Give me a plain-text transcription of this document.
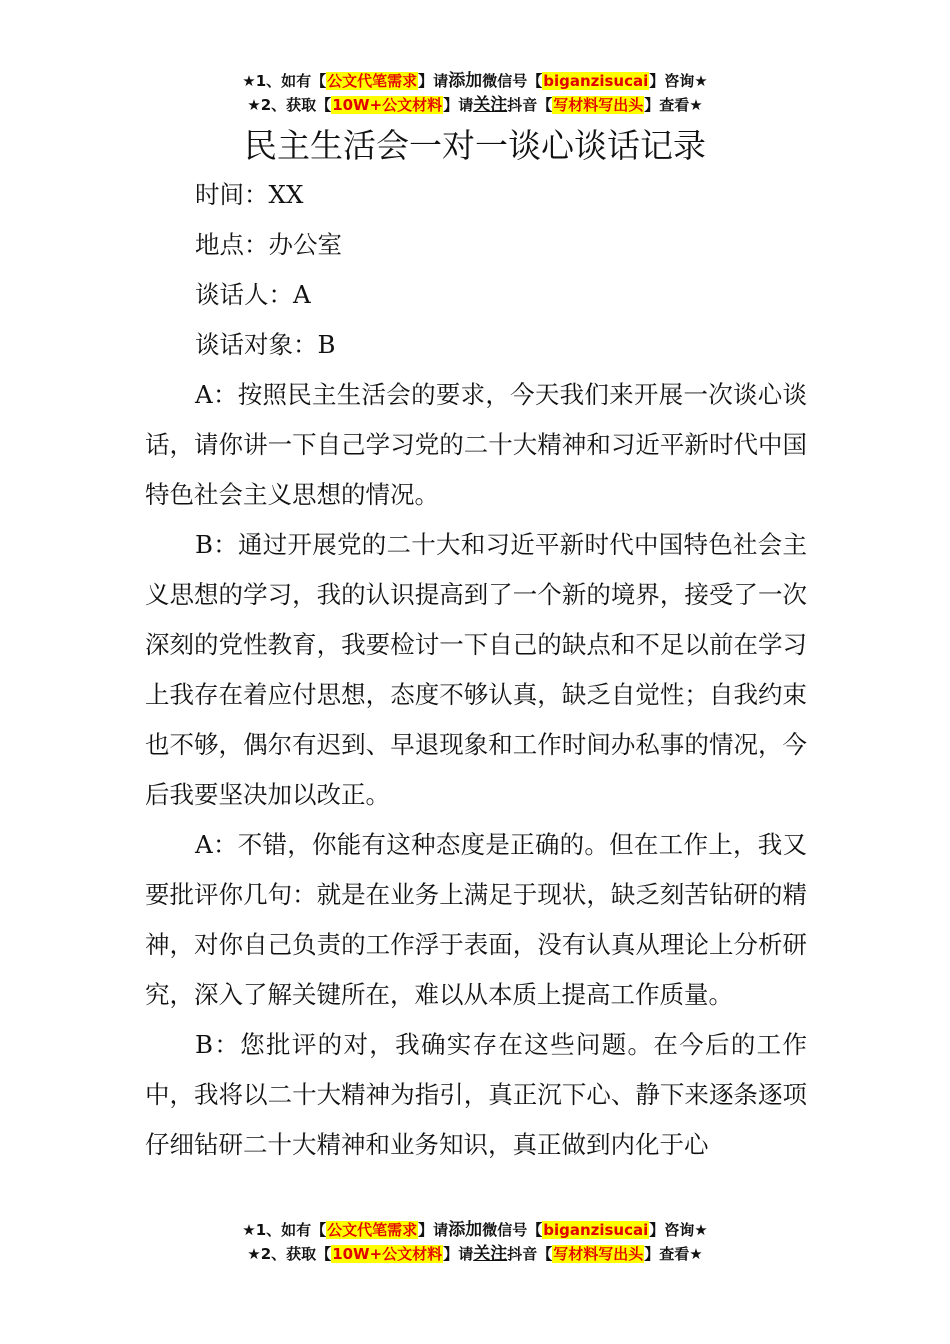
★1、如有【公文代笔需求】请添加微信号【biganzisucai】咨询★
★2、获取【10W+公文材料】请关注抖音【写材料写出头】查看★
民主生活会一对一谈心谈话记录

时间：XX

地点：办公室

谈话人：A

谈话对象：B

A：按照民主生活会的要求，今天我们来开展一次谈心谈话，请你讲一下自己学习党的二十大精神和习近平新时代中国特色社会主义思想的情况。

B：通过开展党的二十大和习近平新时代中国特色社会主义思想的学习，我的认识提高到了一个新的境界，接受了一次深刻的党性教育，我要检讨一下自己的缺点和不足以前在学习上我存在着应付思想，态度不够认真，缺乏自觉性；自我约束也不够，偶尔有迟到、早退现象和工作时间办私事的情况，今后我要坚决加以改正。

A：不错，你能有这种态度是正确的。但在工作上，我又要批评你几句：就是在业务上满足于现状，缺乏刻苦钻研的精神，对你自己负责的工作浮于表面，没有认真从理论上分析研究，深入了解关键所在，难以从本质上提高工作质量。

B：您批评的对，我确实存在这些问题。在今后的工作中，我将以二十大精神为指引，真正沉下心、静下来逐条逐项仔细钻研二十大精神和业务知识，真正做到内化于心

★1、如有【公文代笔需求】请添加微信号【biganzisucai】咨询★
★2、获取【10W+公文材料】请关注抖音【写材料写出头】查看★
